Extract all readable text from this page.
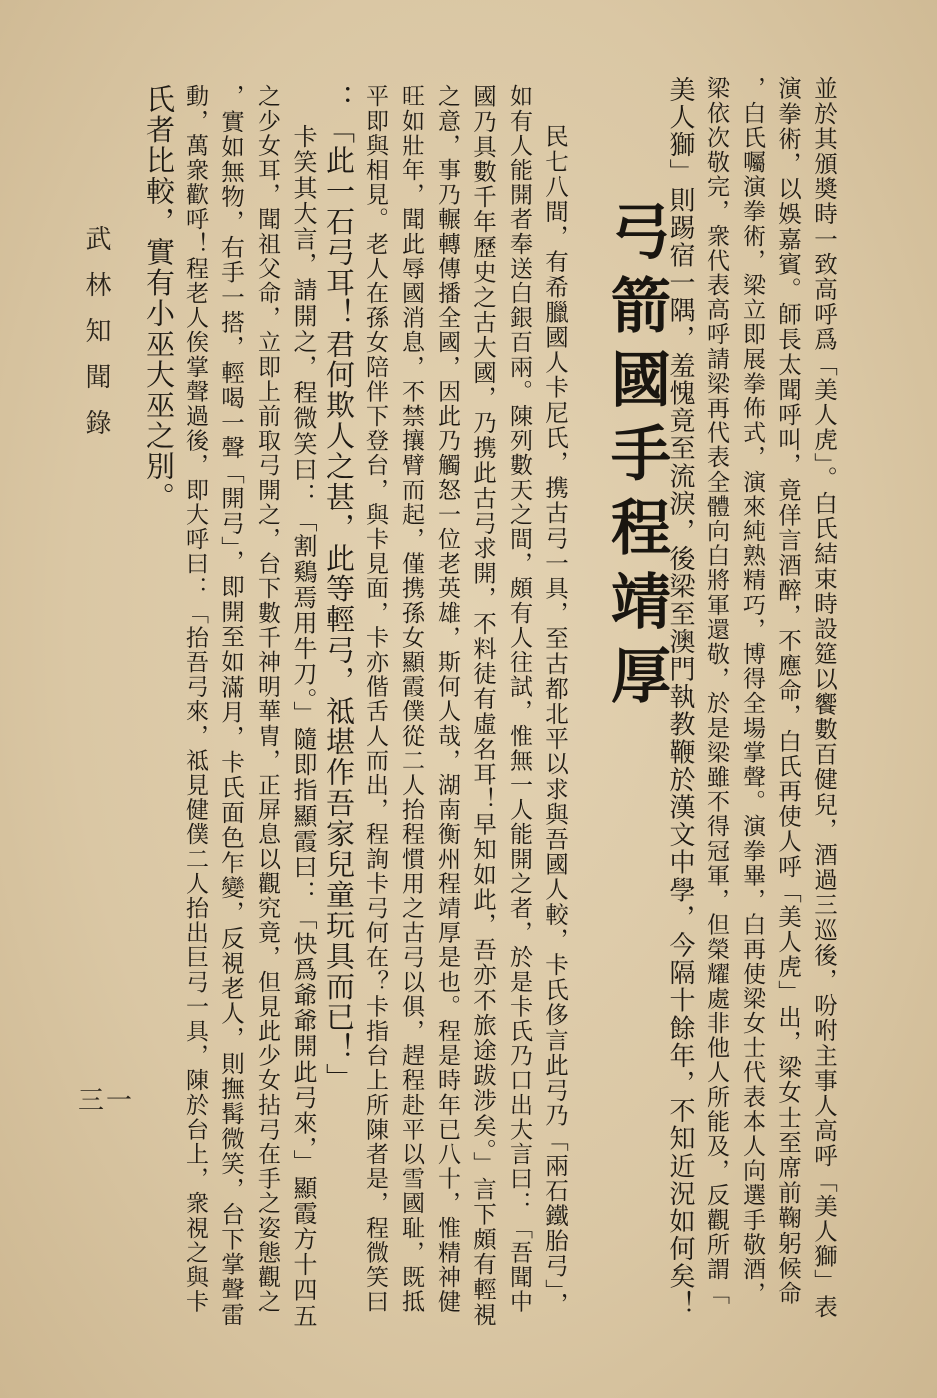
並於其頒奬時一致高呼爲「美人虎」。白氏結束時設筵以饗數百健兒，酒過三巡後，吩咐主事人高呼「美人獅」表
演拳術，以娛嘉賓。師長太聞呼叫，竟佯言酒醉，不應命，白氏再使人呼「美人虎」出，梁女士至席前鞠躬候命
，白氏囑演拳術，梁立即展拳佈式，演來純熟精巧，博得全場掌聲。演拳畢，白再使梁女士代表本人向選手敬酒，
梁依次敬完，衆代表高呼請梁再代表全體向白將軍還敬，於是梁雖不得冠軍，但榮耀處非他人所能及，反觀所謂「
美人獅」則踢宿一隅，羞愧竟至流淚，後梁至澳門執教鞭於漢文中學，今隔十餘年，不知近況如何矣！
弓箭國手程靖厚
民七八間，有希臘國人卡尼氏，携古弓一具，至古都北平以求與吾國人較，卡氏侈言此弓乃「兩石鐵胎弓」，
如有人能開者奉送白銀百兩。陳列數天之間，頗有人往試，惟無一人能開之者，於是卡氏乃口出大言曰：「吾聞中
國乃具數千年歷史之古大國，乃携此古弓求開，不料徒有虛名耳！早知如此，吾亦不旅途跋涉矣。」言下頗有輕視
之意，事乃輾轉傳播全國，因此乃觸怒一位老英雄，斯何人哉，湖南衡州程靖厚是也。程是時年已八十，惟精神健
旺如壯年，聞此辱國消息，不禁攘臂而起，僅携孫女顯霞僕從二人抬程慣用之古弓以俱，趕程赴平以雪國耻，既抵
平即與相見。老人在孫女陪伴下登台，與卡見面，卡亦偕舌人而出，程詢卡弓何在？卡指台上所陳者是，程微笑曰
：「此一石弓耳！君何欺人之甚，此等輕弓，祗堪作吾家兒童玩具而已！」
卡笑其大言，請開之，程微笑曰：「割鷄焉用牛刀。」隨即指顯霞曰：「快爲爺爺開此弓來，」顯霞方十四五
之少女耳，聞祖父命，立即上前取弓開之，台下數千神明華胄，正屏息以觀究竟，但見此少女拈弓在手之姿態觀之
，實如無物，右手一搭，輕喝一聲「開弓」，即開至如滿月，卡氏面色乍變，反視老人，則撫髯微笑，台下掌聲雷
動，萬衆歡呼！程老人俟掌聲過後，即大呼曰：「抬吾弓來，祗見健僕二人抬出巨弓一具，陳於台上，衆視之與卡
氏者比較，實有小巫大巫之別。
武林知聞錄
三一
